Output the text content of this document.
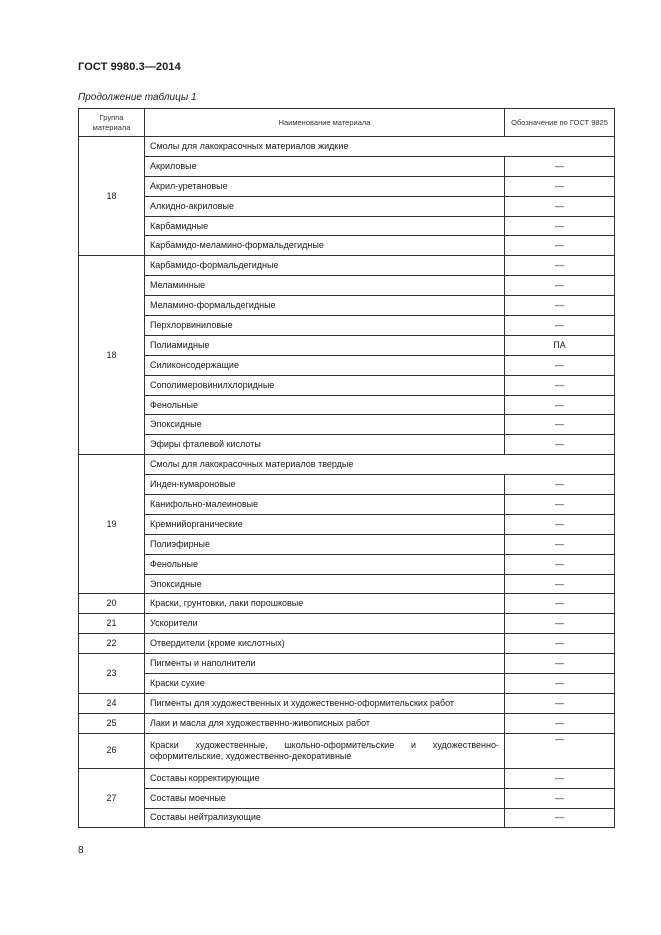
ГОСТ 9980.3—2014
Продолжение таблицы 1
Группа материала	Наименование материала	Обозначение по ГОСТ 9825
18	Смолы для лакокрасочных материалов жидкие	
	Акриловые	—
	Акрил-уретановые	—
	Алкидно-акриловые	—
	Карбамидные	—
	Карбамидо-меламино-формальдегидные	—
18	Карбамидо-формальдегидные	—
	Меламинные	—
	Меламино-формальдегидные	—
	Перхлорвиниловые	—
	Полиамидные	ПА
	Силиконсодержащие	—
	Сополимеровинилхлоридные	—
	Фенольные	—
	Эпоксидные	—
	Эфиры фталевой кислоты	—
19	Смолы для лакокрасочных материалов твердые	
	Инден-кумароновые	—
	Канифольно-малеиновые	—
	Кремнийорганические	—
	Полиэфирные	—
	Фенольные	—
	Эпоксидные	—
20	Краски, грунтовки, лаки порошковые	—
21	Ускорители	—
22	Отвердители (кроме кислотных)	—
23	Пигменты и наполнители	—
	Краски сухие	—
24	Пигменты для художественных и художественно-оформительских работ	—
25	Лаки и масла для художественно-живописных работ	—
26	Краски художественные, школьно-оформительские и художественно-оформительские, художественно-декоративные	—
27	Составы корректирующие	—
	Составы моечные	—
	Составы нейтрализующие	—
8
